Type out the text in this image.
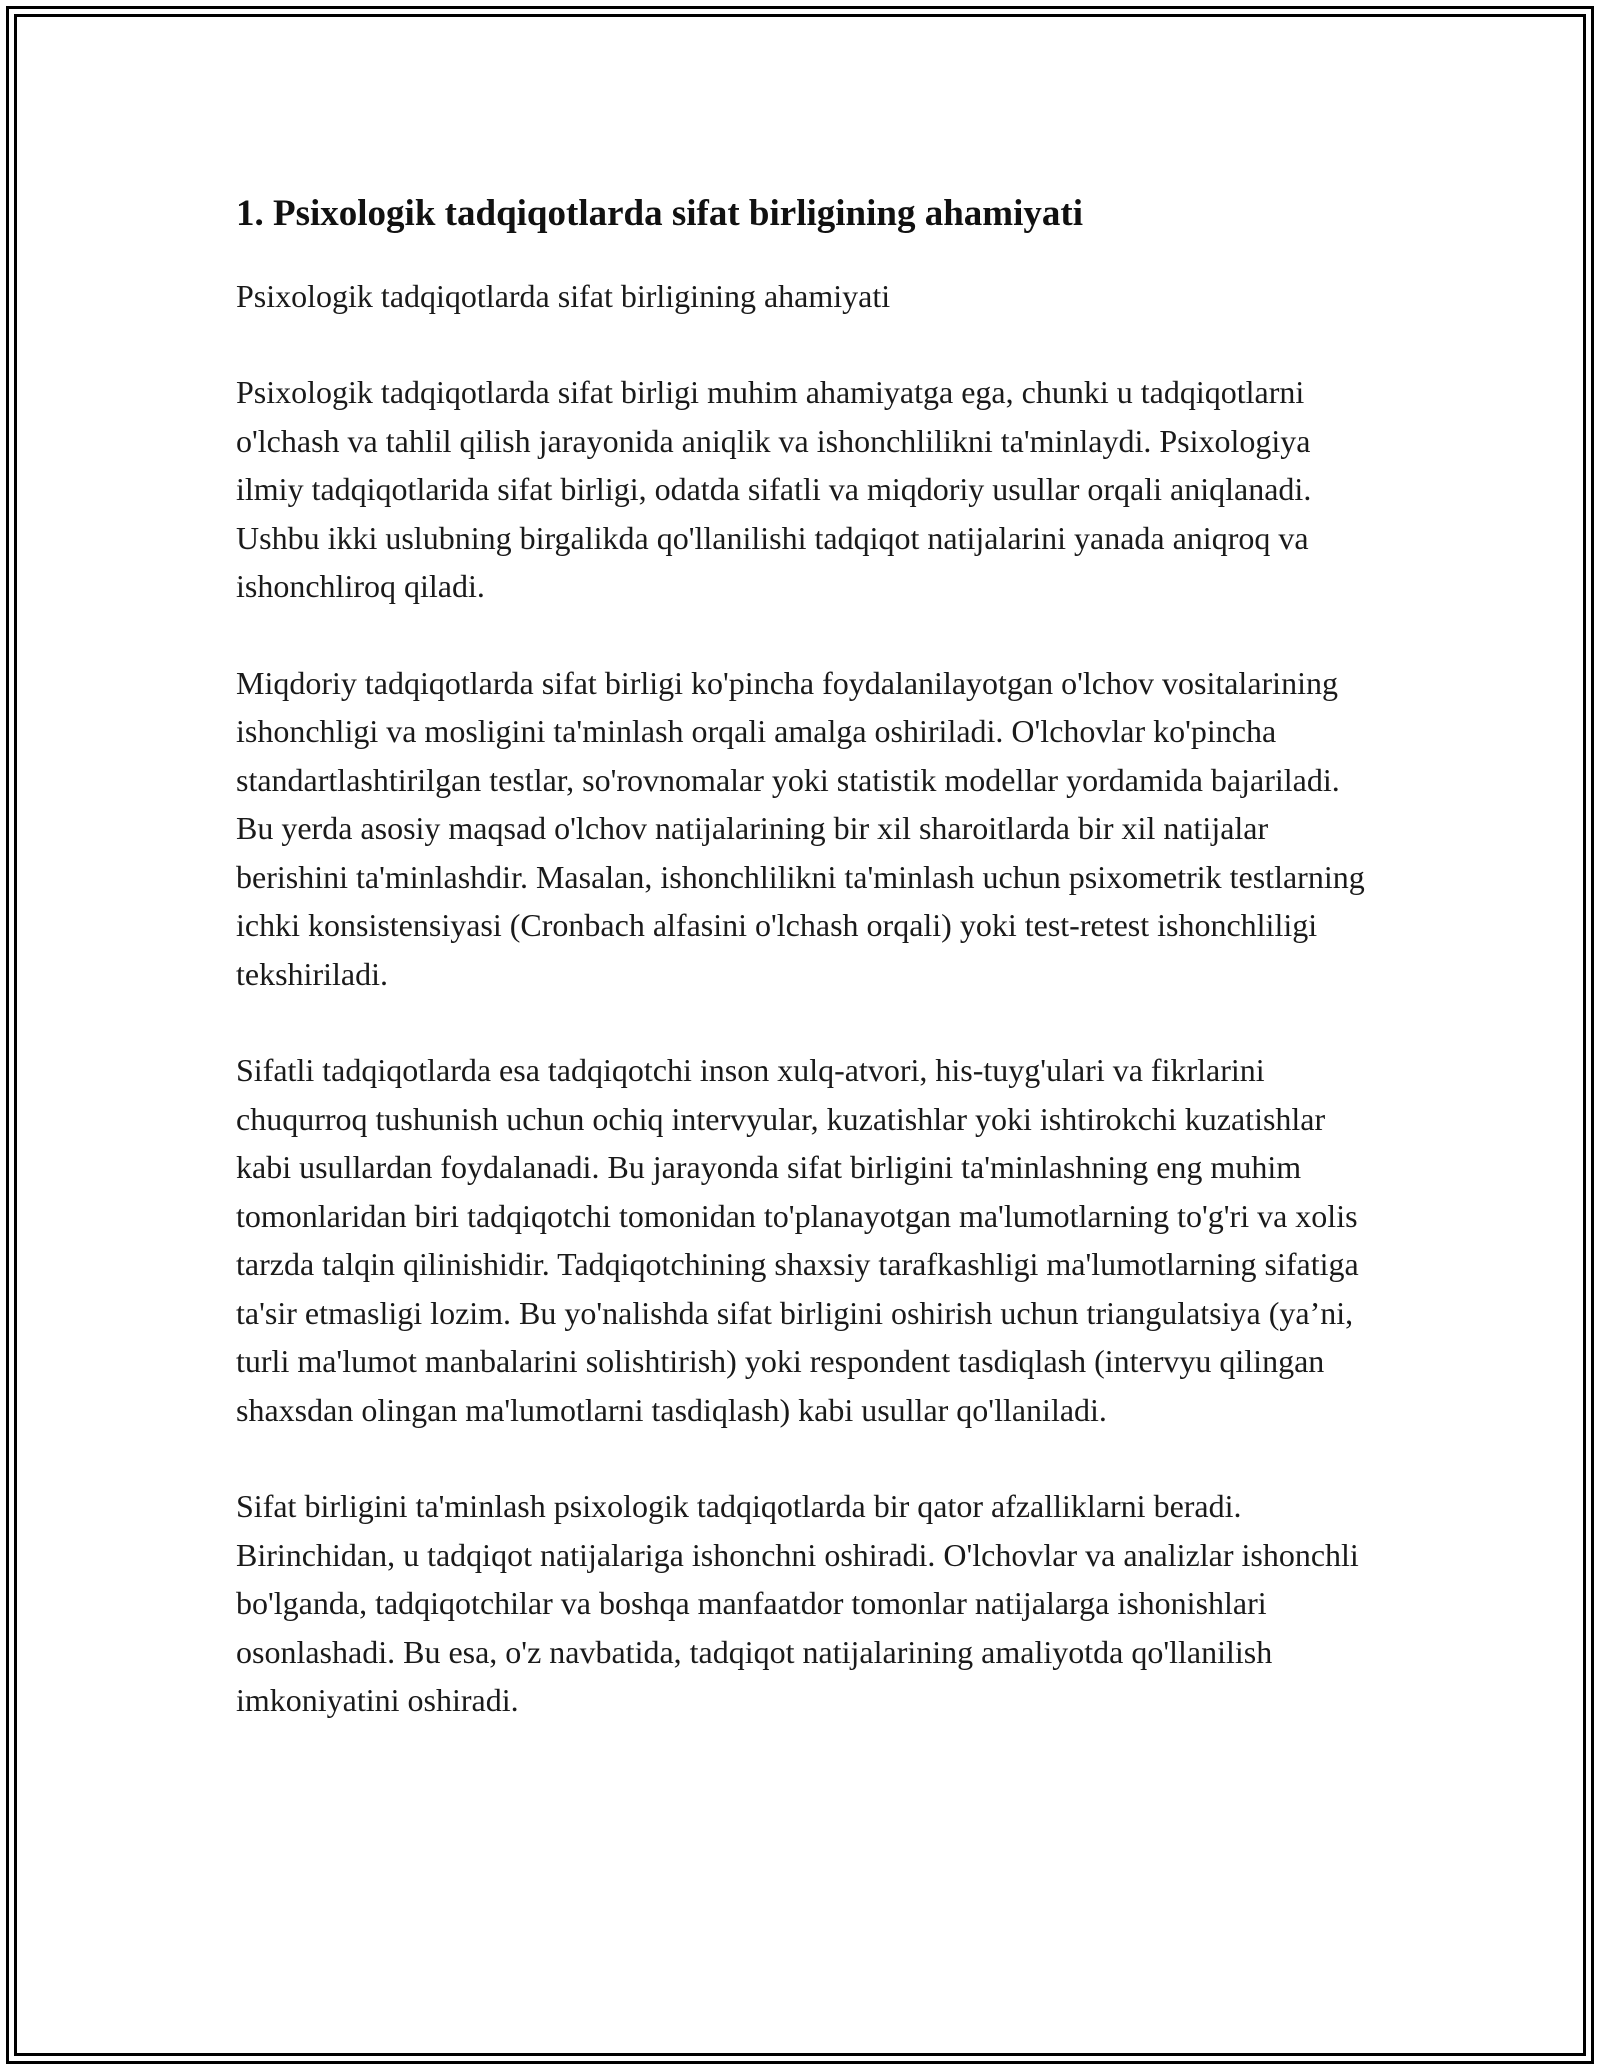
1. Psixologik tadqiqotlarda sifat birligining ahamiyati

Psixologik tadqiqotlarda sifat birligining ahamiyati

Psixologik tadqiqotlarda sifat birligi muhim ahamiyatga ega, chunki u tadqiqotlarni o'lchash va tahlil qilish jarayonida aniqlik va ishonchlilikni ta'minlaydi. Psixologiya ilmiy tadqiqotlarida sifat birligi, odatda sifatli va miqdoriy usullar orqali aniqlanadi. Ushbu ikki uslubning birgalikda qo'llanilishi tadqiqot natijalarini yanada aniqroq va ishonchliroq qiladi.

Miqdoriy tadqiqotlarda sifat birligi ko'pincha foydalanilayotgan o'lchov vositalarining ishonchligi va mosligini ta'minlash orqali amalga oshiriladi. O'lchovlar ko'pincha standartlashtirilgan testlar, so'rovnomalar yoki statistik modellar yordamida bajariladi. Bu yerda asosiy maqsad o'lchov natijalarining bir xil sharoitlarda bir xil natijalar berishini ta'minlashdir. Masalan, ishonchlilikni ta'minlash uchun psixometrik testlarning ichki konsistensiyasi (Cronbach alfasini o'lchash orqali) yoki test-retest ishonchliligi tekshiriladi.

Sifatli tadqiqotlarda esa tadqiqotchi inson xulq-atvori, his-tuyg'ulari va fikrlarini chuqurroq tushunish uchun ochiq intervyular, kuzatishlar yoki ishtirokchi kuzatishlar kabi usullardan foydalanadi. Bu jarayonda sifat birligini ta'minlashning eng muhim tomonlaridan biri tadqiqotchi tomonidan to'planayotgan ma'lumotlarning to'g'ri va xolis tarzda talqin qilinishidir. Tadqiqotchining shaxsiy tarafkashligi ma'lumotlarning sifatiga ta'sir etmasligi lozim. Bu yo'nalishda sifat birligini oshirish uchun triangulatsiya (ya’ni, turli ma'lumot manbalarini solishtirish) yoki respondent tasdiqlash (intervyu qilingan shaxsdan olingan ma'lumotlarni tasdiqlash) kabi usullar qo'llaniladi.

Sifat birligini ta'minlash psixologik tadqiqotlarda bir qator afzalliklarni beradi. Birinchidan, u tadqiqot natijalariga ishonchni oshiradi. O'lchovlar va analizlar ishonchli bo'lganda, tadqiqotchilar va boshqa manfaatdor tomonlar natijalarga ishonishlari osonlashadi. Bu esa, o'z navbatida, tadqiqot natijalarining amaliyotda qo'llanilish imkoniyatini oshiradi.
